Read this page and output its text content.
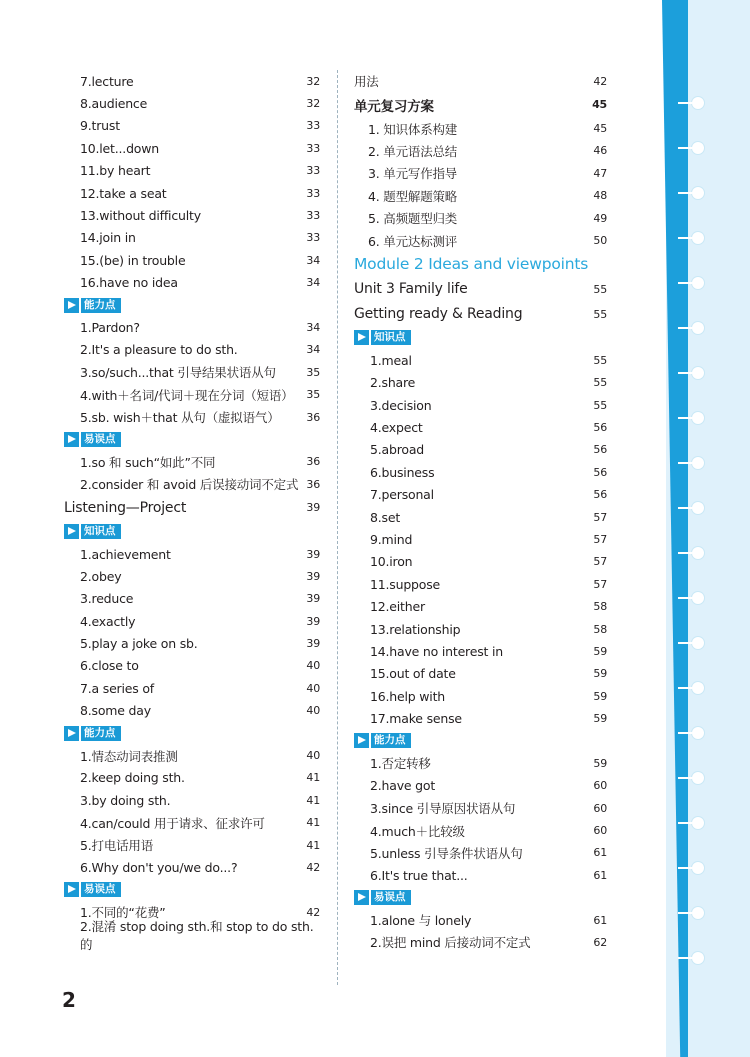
7.lecture	32
8.audience	32
9.trust	33
10.let...down	33
11.by heart	33
12.take a seat	33
13.without difficulty	33
14.join in	33
15.(be) in trouble	34
16.have no idea	34
能力点
1.Pardon?	34
2.It's a pleasure to do sth.	34
3.so/such...that 引导结果状语从句	35
4.with＋名词/代词＋现在分词（短语） 35
5.sb. wish＋that 从句（虚拟语气） 36
易误点
1.so 和 such“如此”不同	36
2.consider 和 avoid 后误接动词不定式 36
Listening—Project	39
知识点
1.achievement	39
2.obey	39
3.reduce	39
4.exactly	39
5.play a joke on sb.	39
6.close to	40
7.a series of	40
8.some day	40
能力点
1.情态动词表推测	40
2.keep doing sth.	41
3.by doing sth.	41
4.can/could 用于请求、征求许可	41
5.打电话用语	41
6.Why don't you/we do...?	42
易误点
1.不同的“花费”	42
2.混淆 stop doing sth.和 stop to do sth.的
用法	42
单元复习方案	45
1. 知识体系构建	45
2. 单元语法总结	46
3. 单元写作指导	47
4. 题型解题策略	48
5. 高频题型归类	49
6. 单元达标测评	50
Module 2 Ideas and viewpoints
Unit 3 Family life	55
Getting ready & Reading	55
知识点
1.meal	55
2.share	55
3.decision	55
4.expect	56
5.abroad	56
6.business	56
7.personal	56
8.set	57
9.mind	57
10.iron	57
11.suppose	57
12.either	58
13.relationship	58
14.have no interest in	59
15.out of date	59
16.help with	59
17.make sense	59
能力点
1.否定转移	59
2.have got	60
3.since 引导原因状语从句	60
4.much＋比较级	60
5.unless 引导条件状语从句	61
6.It's true that...	61
易误点
1.alone 与 lonely	61
2.误把 mind 后接动词不定式	62
2
